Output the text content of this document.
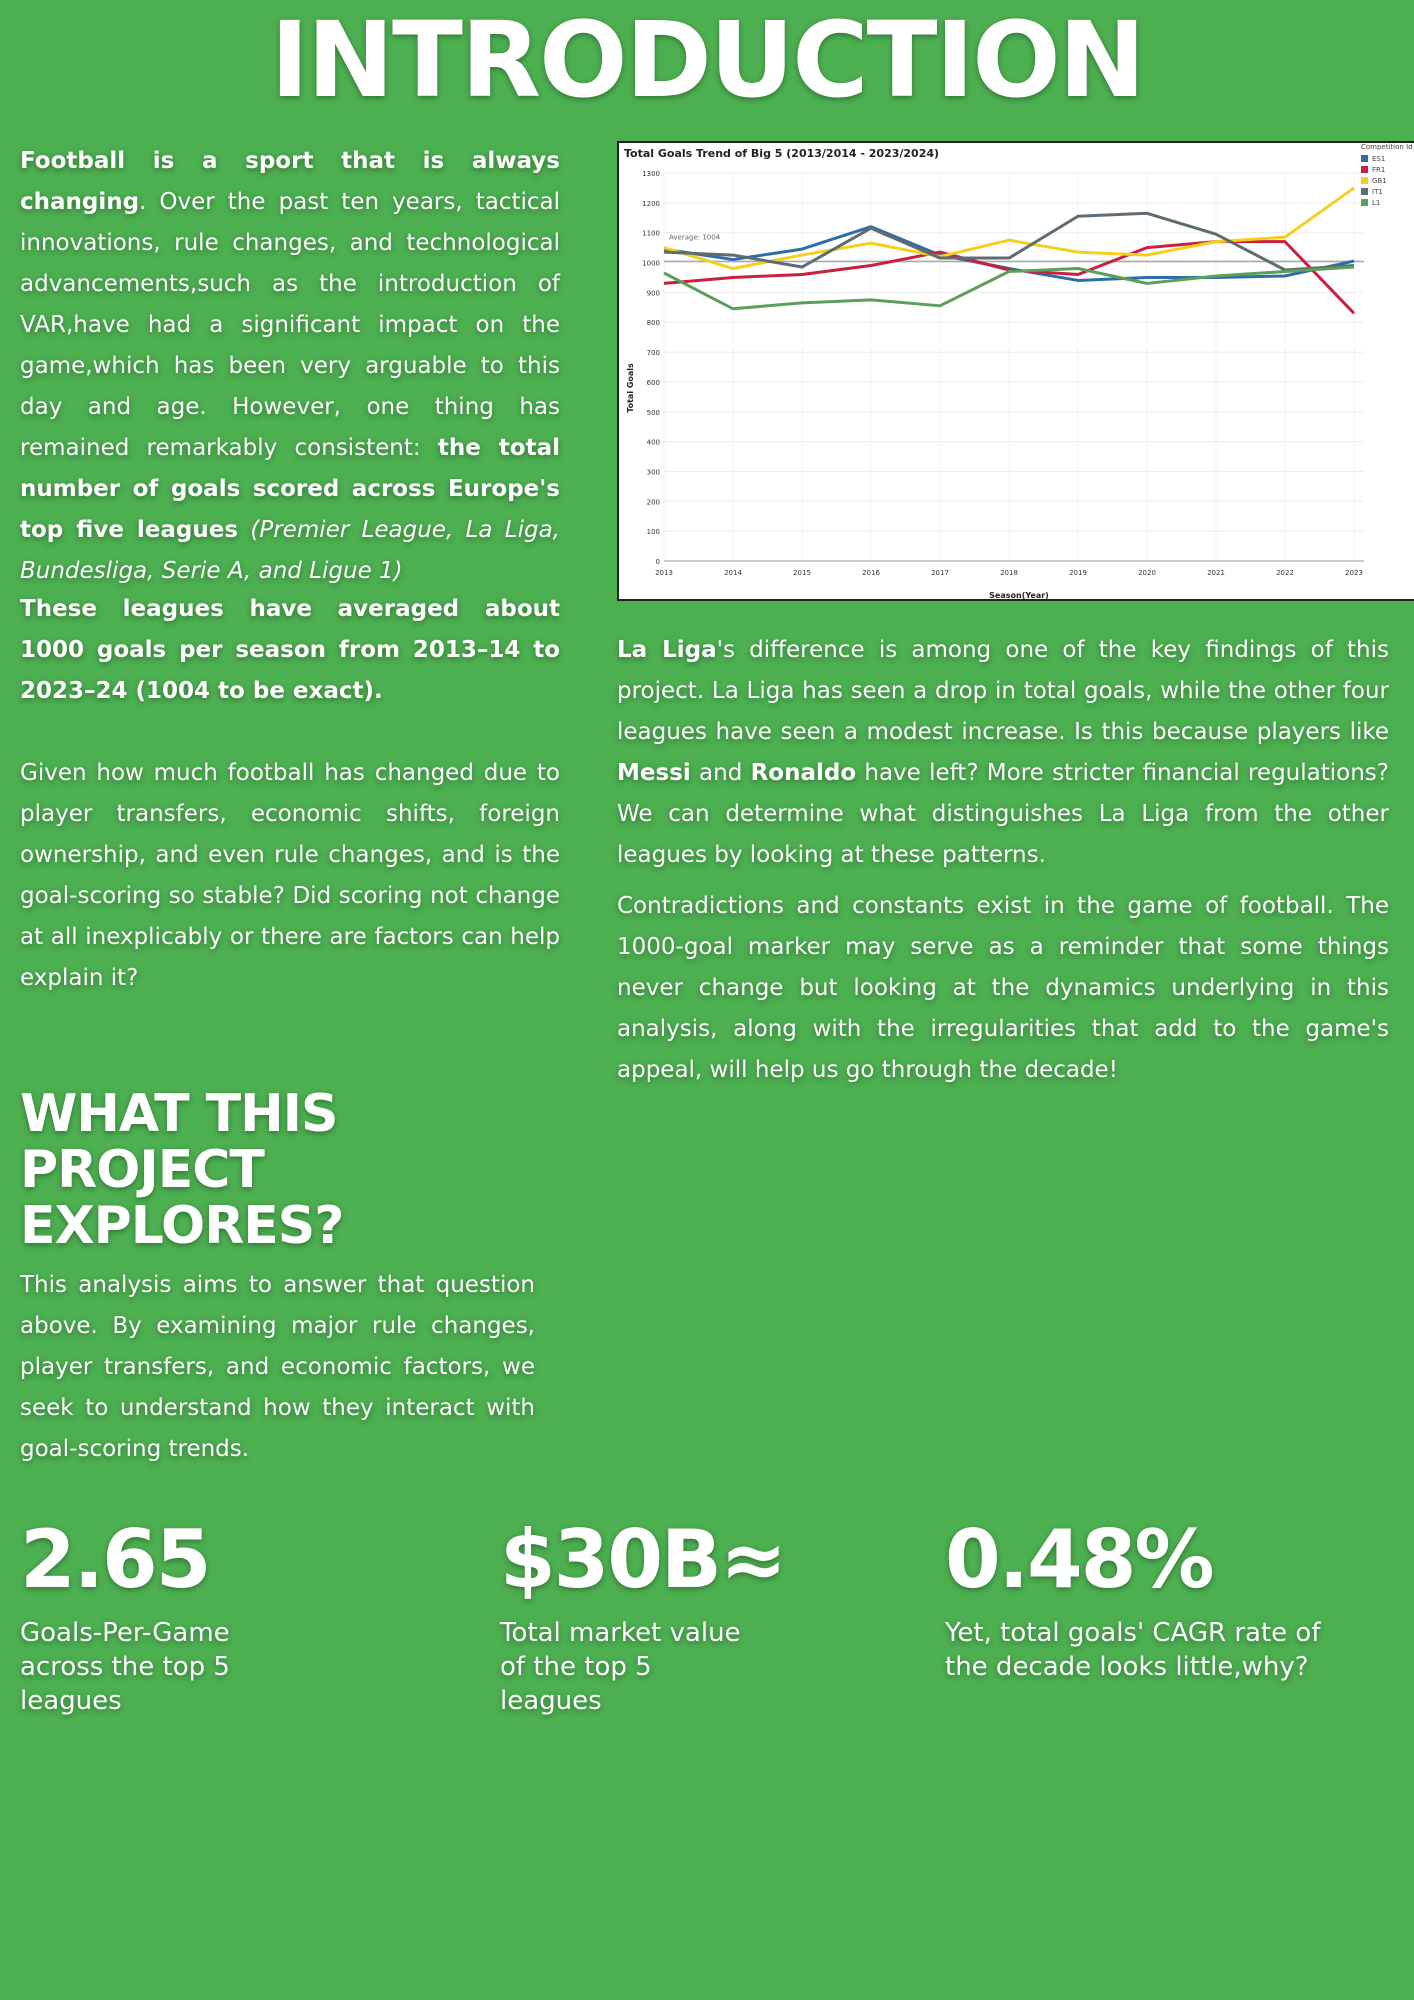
INTRODUCTION

Football is a sport that is always changing. Over the past ten years, tactical innovations, rule changes, and technological advancements,such as the introduction of VAR,have had a significant impact on the game,which has been very arguable to this day and age. However, one thing has remained remarkably consistent: the total number of goals scored across Europe's top five leagues (Premier League, La Liga, Bundesliga, Serie A, and Ligue 1)

These leagues have averaged about 1000 goals per season from 2013–14 to 2023–24 (1004 to be exact).

Given how much football has changed due to player transfers, economic shifts, foreign ownership, and even rule changes, and is the goal-scoring so stable? Did scoring not change at all inexplicably or there are factors can help explain it?

Total Goals Trend of Big 5 (2013/2014 - 2023/2024)
Average: 1004
0
100
200
300
400
500
600
700
800
900
1000
1100
1200
1300
2013	2014	2015	2016	2017	2018	2019	2020	2021	2022	2023
Season(Year)
Total Goals
Competition Id
ES1
FR1
GB1
IT1
L1

La Liga's difference is among one of the key findings of this project. La Liga has seen a drop in total goals, while the other four leagues have seen a modest increase. Is this because players like Messi and Ronaldo have left? More stricter financial regulations? We can determine what distinguishes La Liga from the other leagues by looking at these patterns.

Contradictions and constants exist in the game of football. The 1000-goal marker may serve as a reminder that some things never change but looking at the dynamics underlying in this analysis, along with the irregularities that add to the game's appeal, will help us go through the decade!

WHAT THIS
PROJECT
EXPLORES?

This analysis aims to answer that question above. By examining major rule changes, player transfers, and economic factors, we seek to understand how they interact with goal-scoring trends.

2.65
Goals-Per-Game
across the top 5
leagues
$30B≈
Total market value
of the top 5
leagues
0.48%
Yet, total goals' CAGR rate of
the decade looks little,why?
